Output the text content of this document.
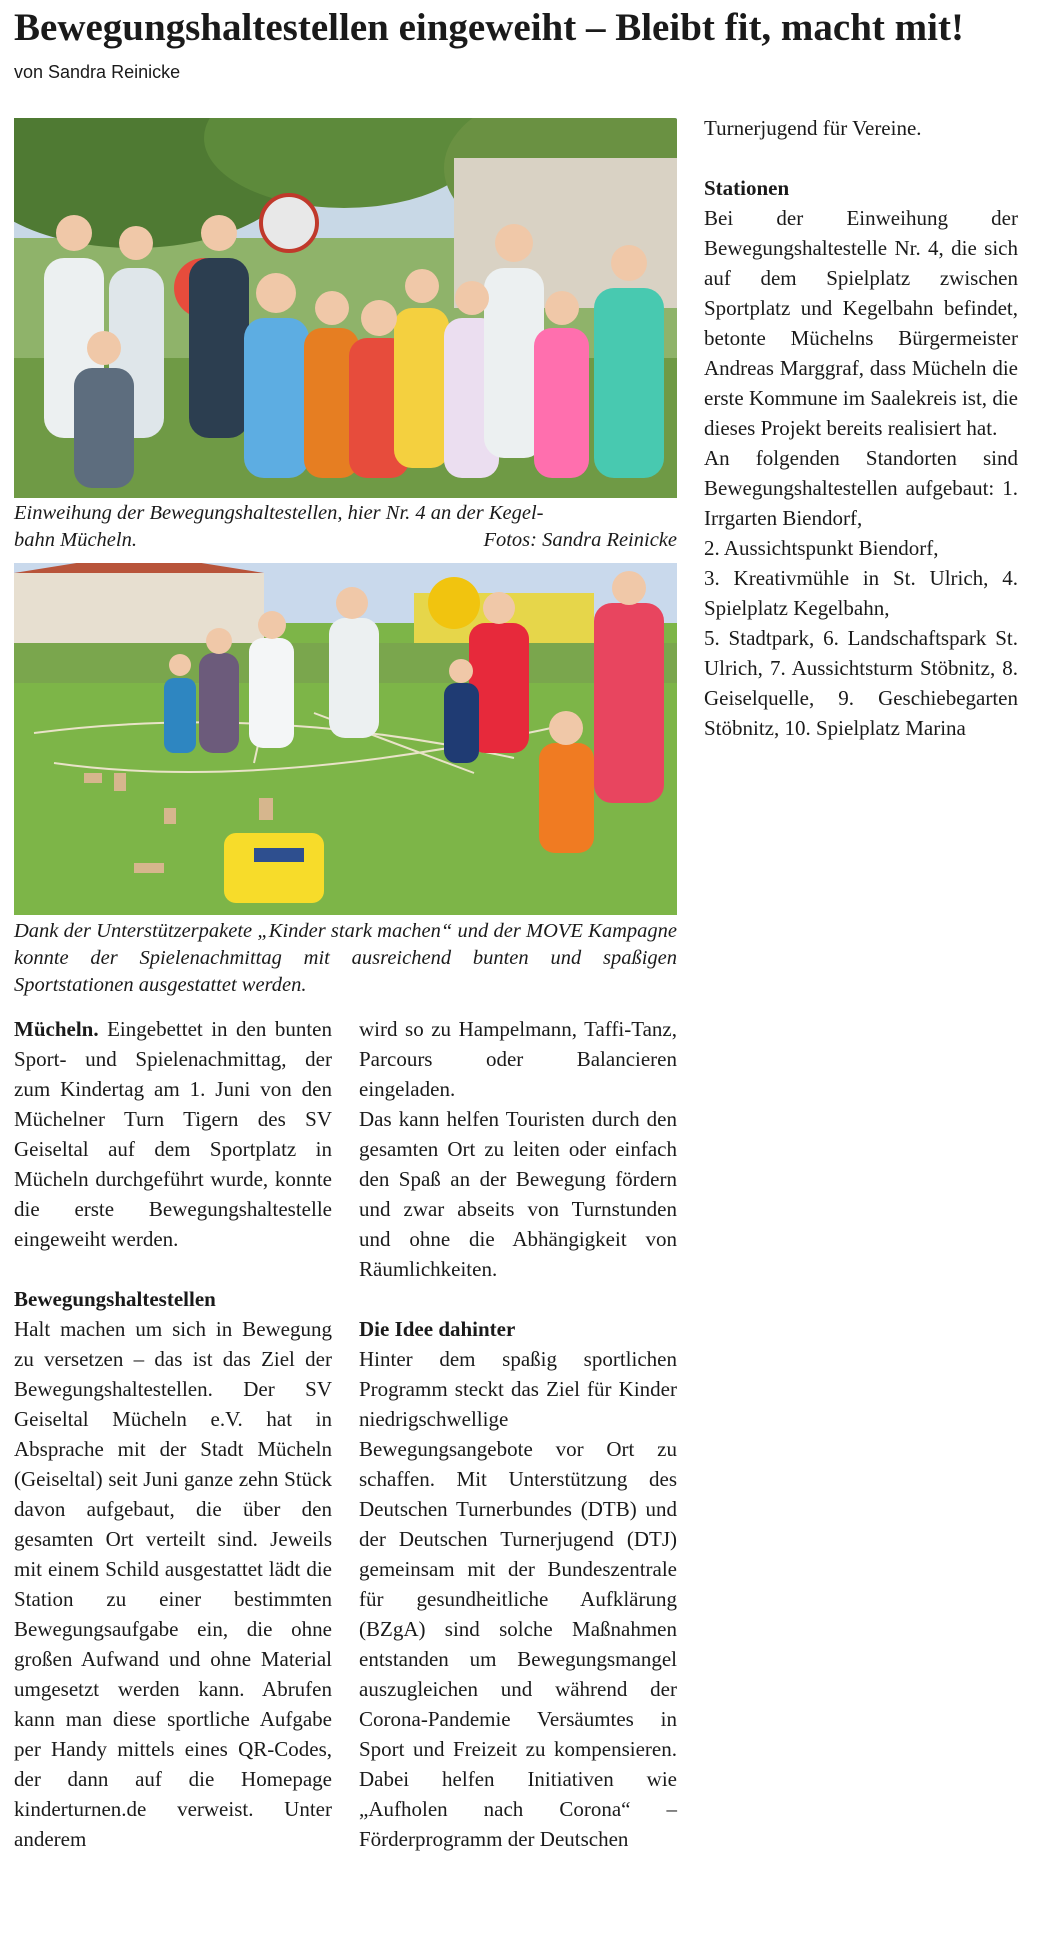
Bewegungshaltestellen eingeweiht – Bleibt fit, macht mit!
von Sandra Reinicke
Einweihung der Bewegungshaltestellen, hier Nr. 4 an der Kegel-
bahn Mücheln.	Fotos: Sandra Reinicke
Dank der Unterstützerpakete „Kinder stark machen“ und der MOVE Kampagne konnte der Spielenachmittag mit ausreichend bunten und spaßigen Sportstationen ausgestattet werden.

Mücheln. Eingebettet in den bunten Sport- und Spielenachmittag, der zum Kindertag am 1. Juni von den Müchelner Turn Tigern des SV Geiseltal auf dem Sportplatz in Mücheln durchgeführt wurde, konnte die erste Bewegungshaltestelle eingeweiht werden.

Bewegungshaltestellen

Halt machen um sich in Bewegung zu versetzen – das ist das Ziel der Bewegungshaltestellen. Der SV Geiseltal Mücheln e.V. hat in Absprache mit der Stadt Mücheln (Geiseltal) seit Juni ganze zehn Stück davon aufgebaut, die über den gesamten Ort verteilt sind. Jeweils mit einem Schild ausgestattet lädt die Station zu einer bestimmten Bewegungsaufgabe ein, die ohne großen Aufwand und ohne Material umgesetzt werden kann. Abrufen kann man diese sportliche Aufgabe per Handy mittels eines QR-Codes, der dann auf die Homepage kinderturnen.de verweist. Unter anderem

wird so zu Hampelmann, Taffi-Tanz, Parcours oder Balancieren eingeladen.

Das kann helfen Touristen durch den gesamten Ort zu leiten oder einfach den Spaß an der Bewegung fördern und zwar abseits von Turnstunden und ohne die Abhängigkeit von Räumlichkeiten.

Die Idee dahinter

Hinter dem spaßig sportlichen Programm steckt das Ziel für Kinder niedrigschwellige Bewegungsangebote vor Ort zu schaffen. Mit Unterstützung des Deutschen Turnerbundes (DTB) und der Deutschen Turnerjugend (DTJ) gemeinsam mit der Bundeszentrale für gesundheitliche Aufklärung (BZgA) sind solche Maßnahmen entstanden um Bewegungsmangel auszugleichen und während der Corona-Pandemie Versäumtes in Sport und Freizeit zu kompensieren. Dabei helfen Initiativen wie „Aufholen nach Corona“ – Förderprogramm der Deutschen

Turnerjugend für Vereine.

Stationen

Bei der Einweihung der Bewegungshaltestelle Nr. 4, die sich auf dem Spielplatz zwischen Sportplatz und Kegelbahn befindet, betonte Müchelns Bürgermeister Andreas Marggraf, dass Mücheln die erste Kommune im Saalekreis ist, die dieses Projekt bereits realisiert hat.

An folgenden Standorten sind Bewegungshaltestellen aufgebaut: 1. Irrgarten Biendorf,

2. Aussichtspunkt Biendorf,

3. Kreativmühle in St. Ulrich, 4. Spielplatz Kegelbahn,

5. Stadtpark, 6. Landschaftspark St. Ulrich, 7. Aussichtsturm Stöbnitz, 8. Geiselquelle, 9. Geschiebegarten Stöbnitz, 10. Spielplatz Marina
